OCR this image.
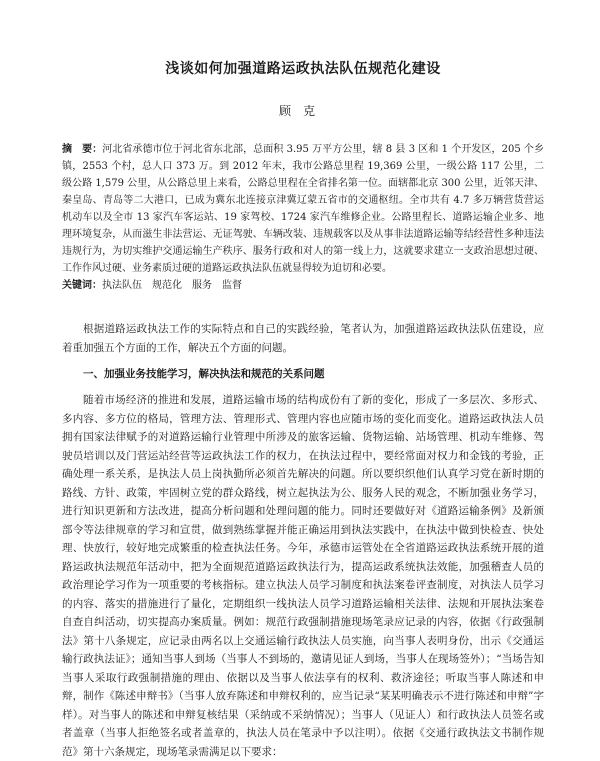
浅谈如何加强道路运政执法队伍规范化建设
顾克

摘　要：河北省承德市位于河北省东北部，总面积 3.95 万平方公里，辖 8 县 3 区和 1 个开发区，205 个乡镇，2553 个村，总人口 373 万。到 2012 年末，我市公路总里程 19,369 公里，一级公路 117 公里，二级公路 1,579 公里，从公路总里上来看，公路总里程在全省排名第一位。面辖都北京 300 公里，近邻天津、秦皇岛、青岛等二大港口，已成为冀东北连接京津冀辽蒙五省市的交通枢纽。全市共有 4.7 多万辆营货营运机动车以及全市 13 家汽车客运站、19 家驾校、1724 家汽车维修企业。公路里程长、道路运输企业多、地理环境复杂，从而滋生非法营运、无证驾驶、车辆改装、违规载客以及从事非法道路运输等结经营性多种违法违规行为，为切实维护交通运输生产秩序、服务行政和对人的第一线上力，这就要求建立一支政治思想过硬、工作作风过硬、业务素质过硬的道路运政执法队伍就显得较为迫切和必要。

关键词：执法队伍 规范化 服务 监督

根据道路运政执法工作的实际特点和自己的实践经验，笔者认为，加强道路运政执法队伍建设，应着重加强五个方面的工作，解决五个方面的问题。

一、加强业务技能学习，解决执法和规范的关系问题

随着市场经济的推进和发展，道路运输市场的结构成份有了新的变化，形成了一多层次、多形式、多内容、多方位的格局，管理方法、管理形式、管理内容也应随市场的变化而变化。道路运政执法人员拥有国家法律赋予的对道路运输行业管理中所涉及的旅客运输、货物运输、站场管理、机动车维修、驾驶员培训以及门营运站经营等运政执法工作的权力，在执法过程中，要经常面对权力和金钱的考验，正确处理一系关系，是执法人员上岗执勤所必须首先解决的问题。所以要织织他们认真学习党在新时期的路线、方针、政策，牢固树立党的群众路线，树立起执法为公、服务人民的观念，不断加强业务学习，进行知识更新和方法改进，提高分析问题和处理问题的能力。同时还要做好对《道路运输条例》及新颁部令等法律规章的学习和宣贯，做到熟练掌握并能正确运用到执法实践中，在执法中做到快检查、快处理、快放行，较好地完成繁重的检查执法任务。今年，承德市运管处在全省道路运政执法系统开展的道路运政执法规范年活动中，把为全面规范道路运政执法行为，提高运政系统执法效能，加强稽查人员的政治理论学习作为一项重要的考核指标。建立执法人员学习制度和执法案卷评查制度，对执法人员学习的内容、落实的措施进行了量化，定期组织一线执法人员学习道路运输相关法律、法规和开展执法案卷自查自纠活动，切实提高办案质量。例如：规范行政强制措施现场笔录应记录的内容，依据《行政强制法》第十八条规定，应记录由两名以上交通运输行政执法人员实施，向当事人表明身份，出示《交通运输行政执法证》；通知当事人到场（当事人不到场的，邀请见证人到场，当事人在现场签外）；“当场告知当事人采取行政强制措施的理由、依据以及当事人依法享有的权利、救济途径；听取当事人陈述和申辩，制作《陈述申辩书》（当事人放弃陈述和申辩权利的，应当记录“某某明确表示不进行陈述和申辩”字样）。对当事人的陈述和申辩复核结果（采纳或不采纳情况）；当事人（见证人）和行政执法人员签名或者盖章（当事人拒绝签名或者盖章的，执法人员在笔录中予以注明）。依据《交通行政执法文书制作规范》第十六条规定，现场笔录需满足以下要求：
